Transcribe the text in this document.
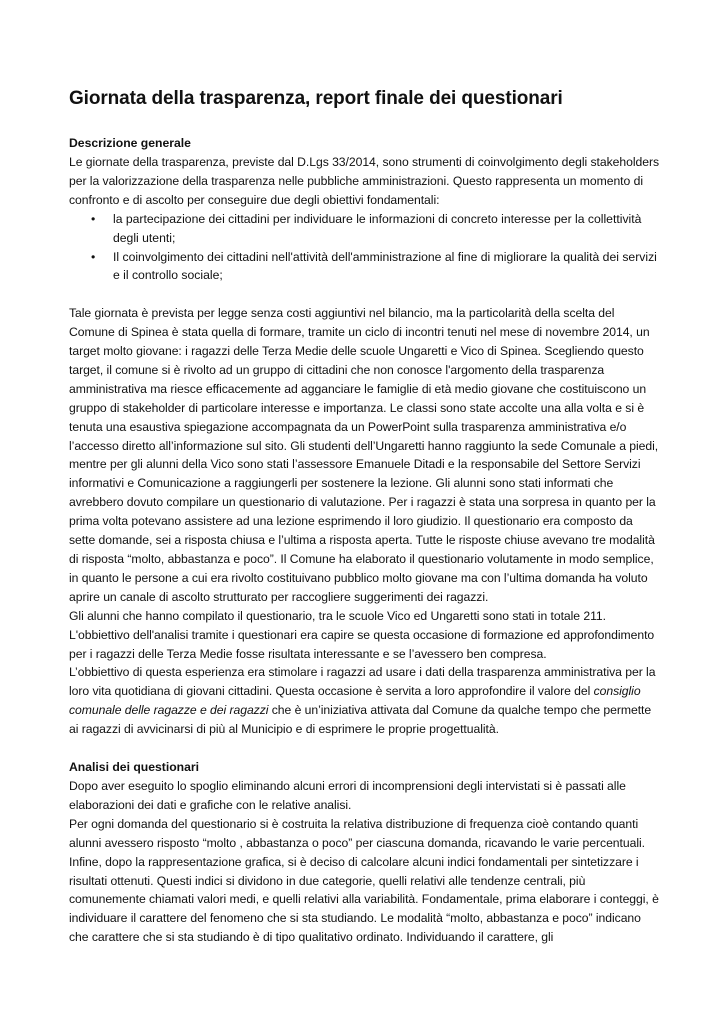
Giornata della trasparenza, report finale dei questionari
Descrizione generale

Le giornate della trasparenza, previste dal D.Lgs 33/2014, sono strumenti di coinvolgimento degli stakeholders per la valorizzazione della trasparenza nelle pubbliche amministrazioni. Questo rappresenta un momento di confronto e di ascolto per conseguire due degli obiettivi fondamentali:

• la partecipazione dei cittadini per individuare le informazioni di concreto interesse per la collettività degli utenti;
• Il coinvolgimento dei cittadini nell'attività dell'amministrazione al fine di migliorare la qualità dei servizi e il controllo sociale;

Tale giornata è prevista per legge senza costi aggiuntivi nel bilancio, ma la particolarità della scelta del Comune di Spinea è stata quella di formare, tramite un ciclo di incontri tenuti nel mese di novembre 2014, un target molto giovane: i ragazzi delle Terza Medie delle scuole Ungaretti e Vico di Spinea. Scegliendo questo target, il comune si è rivolto ad un gruppo di cittadini che non conosce l'argomento della trasparenza amministrativa ma riesce efficacemente ad agganciare le famiglie di età medio giovane che costituiscono un gruppo di stakeholder di particolare interesse e importanza. Le classi sono state accolte una alla volta e si è tenuta una esaustiva spiegazione accompagnata da un PowerPoint sulla trasparenza amministrativa e/o l’accesso diretto all’informazione sul sito. Gli studenti dell’Ungaretti hanno raggiunto la sede Comunale a piedi, mentre per gli alunni della Vico sono stati l’assessore Emanuele Ditadi e la responsabile del Settore Servizi informativi e Comunicazione a raggiungerli per sostenere la lezione. Gli alunni sono stati informati che avrebbero dovuto compilare un questionario di valutazione. Per i ragazzi è stata una sorpresa in quanto per la prima volta potevano assistere ad una lezione esprimendo il loro giudizio. Il questionario era composto da sette domande, sei a risposta chiusa e l’ultima a risposta aperta. Tutte le risposte chiuse avevano tre modalità di risposta “molto, abbastanza e poco”. Il Comune ha elaborato il questionario volutamente in modo semplice, in quanto le persone a cui era rivolto costituivano pubblico molto giovane ma con l’ultima domanda ha voluto aprire un canale di ascolto strutturato per raccogliere suggerimenti dei ragazzi.

Gli alunni che hanno compilato il questionario, tra le scuole Vico ed Ungaretti sono stati in totale 211.

L'obbiettivo dell'analisi tramite i questionari era capire se questa occasione di formazione ed approfondimento per i ragazzi delle Terza Medie fosse risultata interessante e se l’avessero ben compresa.

L’obbiettivo di questa esperienza era stimolare i ragazzi ad usare i dati della trasparenza amministrativa per la loro vita quotidiana di giovani cittadini. Questa occasione è servita a loro approfondire il valore del consiglio comunale delle ragazze e dei ragazzi che è un’iniziativa attivata dal Comune da qualche tempo che permette ai ragazzi di avvicinarsi di più al Municipio e di esprimere le proprie progettualità.

Analisi dei questionari

Dopo aver eseguito lo spoglio eliminando alcuni errori di incomprensioni degli intervistati si è passati alle elaborazioni dei dati e grafiche con le relative analisi.

Per ogni domanda del questionario si è costruita la relativa distribuzione di frequenza cioè contando quanti alunni avessero risposto “molto , abbastanza o poco” per ciascuna domanda, ricavando le varie percentuali.

Infine, dopo la rappresentazione grafica, si è deciso di calcolare alcuni indici fondamentali per sintetizzare i risultati ottenuti. Questi indici si dividono in due categorie, quelli relativi alle tendenze centrali, più comunemente chiamati valori medi, e quelli relativi alla variabilità. Fondamentale, prima elaborare i conteggi, è individuare il carattere del fenomeno che si sta studiando. Le modalità “molto, abbastanza e poco” indicano che carattere che si sta studiando è di tipo qualitativo ordinato. Individuando il carattere, gli
